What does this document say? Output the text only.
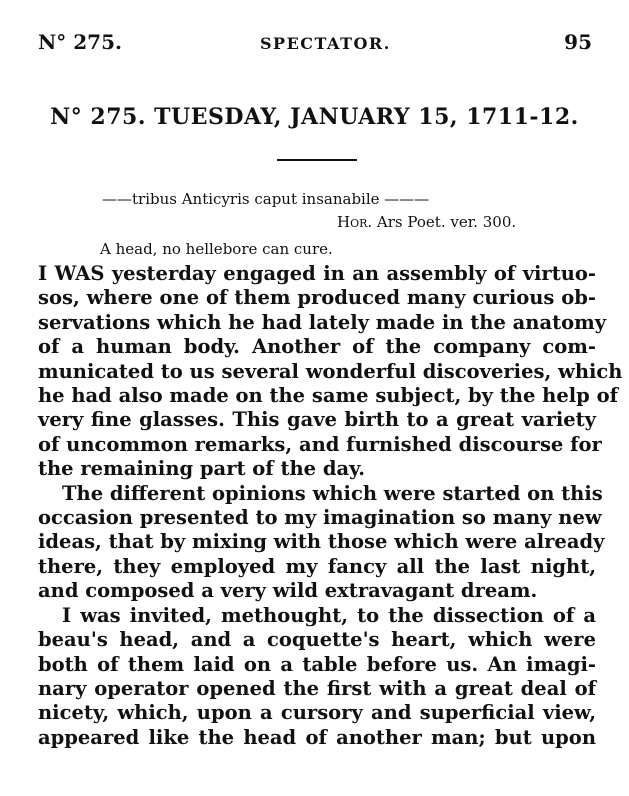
N° 275.	SPECTATOR.	95
N° 275. TUESDAY, JANUARY 15, 1711-12.
——tribus Anticyris caput insanabile ———
Hor. Ars Poet. ver. 300.
A head, no hellebore can cure.
I WAS yesterday engaged in an assembly of virtuo-
sos, where one of them produced many curious ob-
servations which he had lately made in the anatomy
of a human body. Another of the company com-
municated to us several wonderful discoveries, which
he had also made on the same subject, by the help of
very fine glasses. This gave birth to a great variety
of uncommon remarks, and furnished discourse for
the remaining part of the day.
The different opinions which were started on this
occasion presented to my imagination so many new
ideas, that by mixing with those which were already
there, they employed my fancy all the last night,
and composed a very wild extravagant dream.
I was invited, methought, to the dissection of a
beau's head, and a coquette's heart, which were
both of them laid on a table before us. An imagi-
nary operator opened the first with a great deal of
nicety, which, upon a cursory and superficial view,
appeared like the head of another man; but upon
